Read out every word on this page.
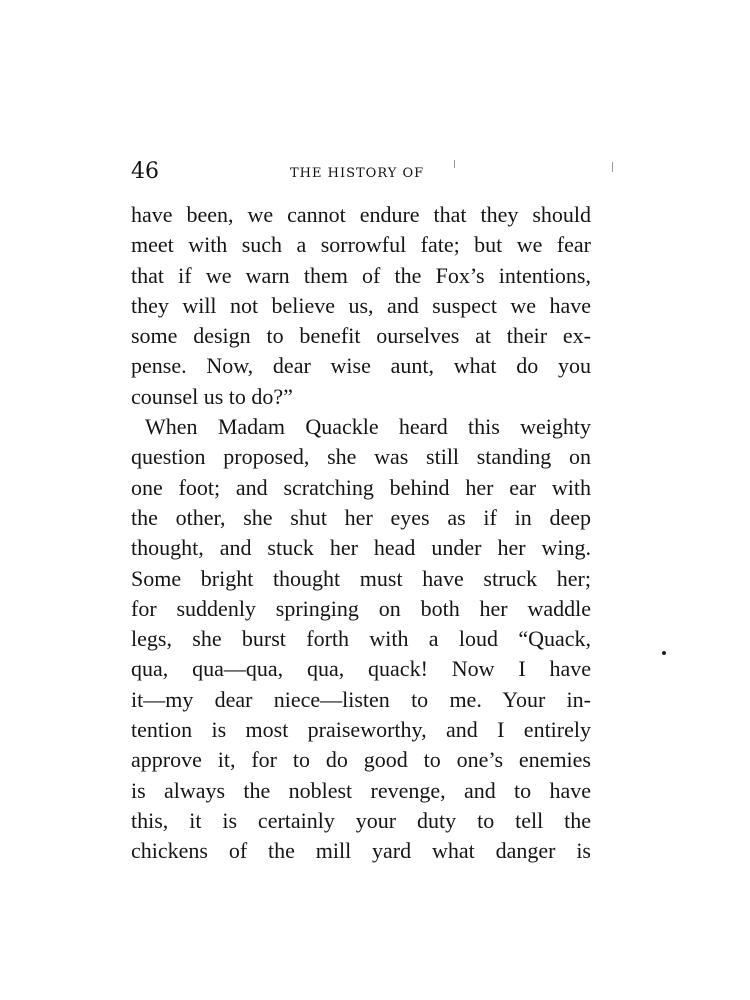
46	THE HISTORY OF
have been, we cannot endure that they should
meet with such a sorrowful fate; but we fear
that if we warn them of the Fox’s intentions,
they will not believe us, and suspect we have
some design to benefit ourselves at their ex-
pense. Now, dear wise aunt, what do you
counsel us to do?”
When Madam Quackle heard this weighty
question proposed, she was still standing on
one foot; and scratching behind her ear with
the other, she shut her eyes as if in deep
thought, and stuck her head under her wing.
Some bright thought must have struck her;
for suddenly springing on both her waddle
legs, she burst forth with a loud “Quack,
qua, qua—qua, qua, quack! Now I have
it—my dear niece—listen to me. Your in-
tention is most praiseworthy, and I entirely
approve it, for to do good to one’s enemies
is always the noblest revenge, and to have
this, it is certainly your duty to tell the
chickens of the mill yard what danger is
